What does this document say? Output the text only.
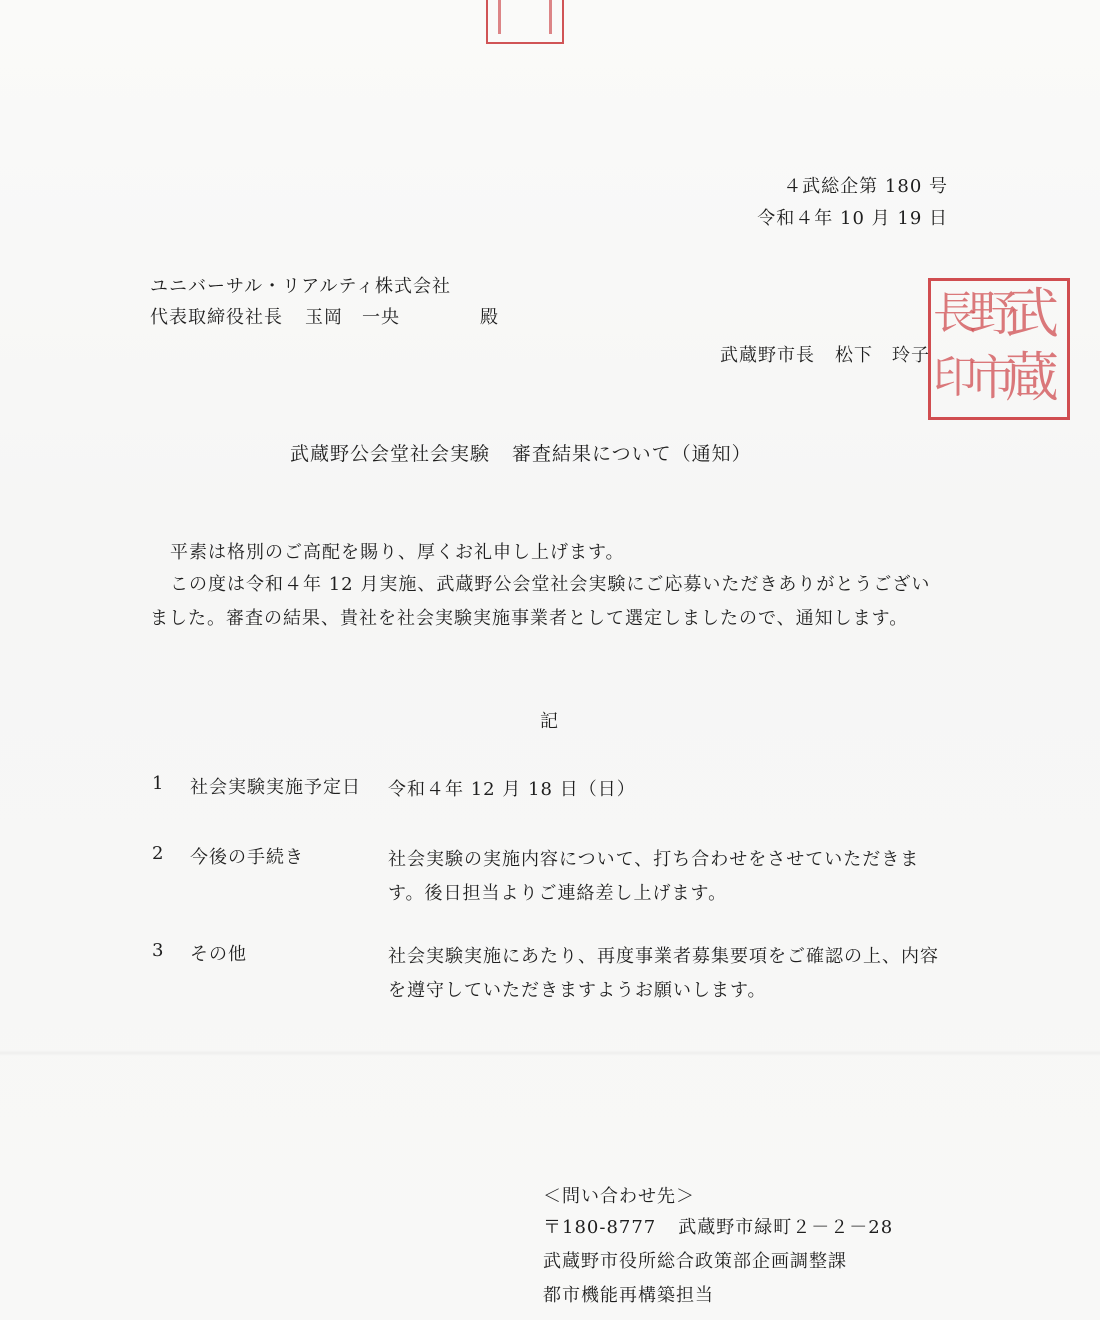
４武総企第 180 号
令和４年 10 月 19 日
ユニバーサル・リアルティ株式会社
代表取締役社長 玉岡　一央	殿
武蔵野市長 松下　玲子
武
蔵
野
市
長
印
武蔵野公会堂社会実験 審査結果について（通知）
平素は格別のご高配を賜り、厚くお礼申し上げます。
この度は令和４年 12 月実施、武蔵野公会堂社会実験にご応募いただきありがとうございました。審査の結果、貴社を社会実験実施事業者として選定しましたので、通知します。
記
1 社会実験実施予定日 令和４年 12 月 18 日（日）
2 今後の手続き	社会実験の実施内容について、打ち合わせをさせていただきます。後日担当よりご連絡差し上げます。
3 その他	社会実験実施にあたり、再度事業者募集要項をご確認の上、内容を遵守していただきますようお願いします。
＜問い合わせ先＞
〒180-8777 武蔵野市緑町２－２－28
武蔵野市役所総合政策部企画調整課
都市機能再構築担当
